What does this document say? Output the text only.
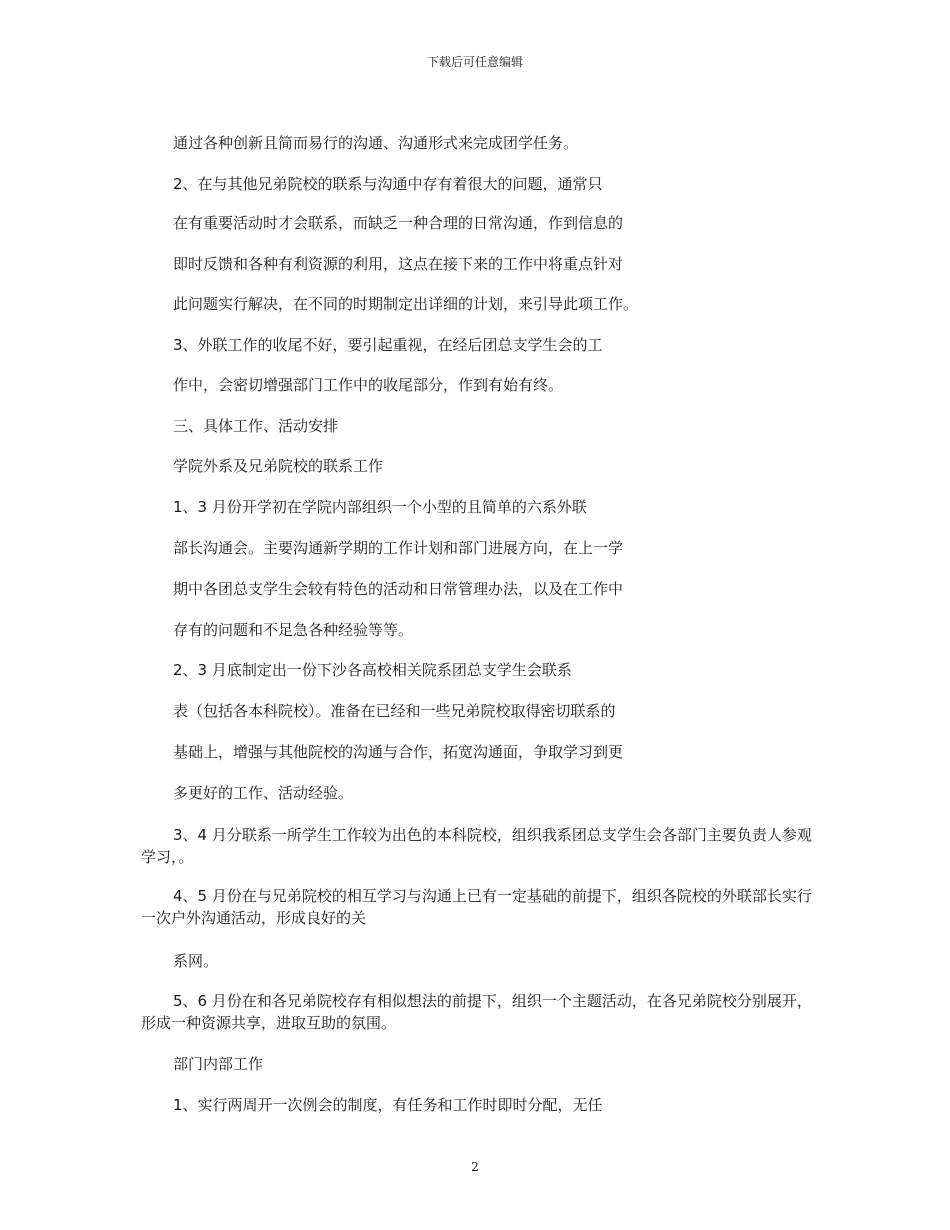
下载后可任意编辑
通过各种创新且简而易行的沟通、沟通形式来完成团学任务。
2、在与其他兄弟院校的联系与沟通中存有着很大的问题，通常只
在有重要活动时才会联系，而缺乏一种合理的日常沟通，作到信息的
即时反馈和各种有利资源的利用，这点在接下来的工作中将重点针对
此问题实行解决，在不同的时期制定出详细的计划，来引导此项工作。
3、外联工作的收尾不好，要引起重视，在经后团总支学生会的工
作中，会密切增强部门工作中的收尾部分，作到有始有终。
三、具体工作、活动安排
学院外系及兄弟院校的联系工作
1、3 月份开学初在学院内部组织一个小型的且简单的六系外联
部长沟通会。主要沟通新学期的工作计划和部门进展方向，在上一学
期中各团总支学生会较有特色的活动和日常管理办法，以及在工作中
存有的问题和不足急各种经验等等。
2、3 月底制定出一份下沙各高校相关院系团总支学生会联系
表（包括各本科院校）。准备在已经和一些兄弟院校取得密切联系的
基础上，增强与其他院校的沟通与合作，拓宽沟通面，争取学习到更
多更好的工作、活动经验。
3、4 月分联系一所学生工作较为出色的本科院校，组织我系团总支学生会各部门主要负责人参观学习，。
4、5 月份在与兄弟院校的相互学习与沟通上已有一定基础的前提下，组织各院校的外联部长实行一次户外沟通活动，形成良好的关
系网。
5、6 月份在和各兄弟院校存有相似想法的前提下，组织一个主题活动，在各兄弟院校分别展开，形成一种资源共享，进取互助的氛围。
部门内部工作
1、实行两周开一次例会的制度，有任务和工作时即时分配，无任
2
